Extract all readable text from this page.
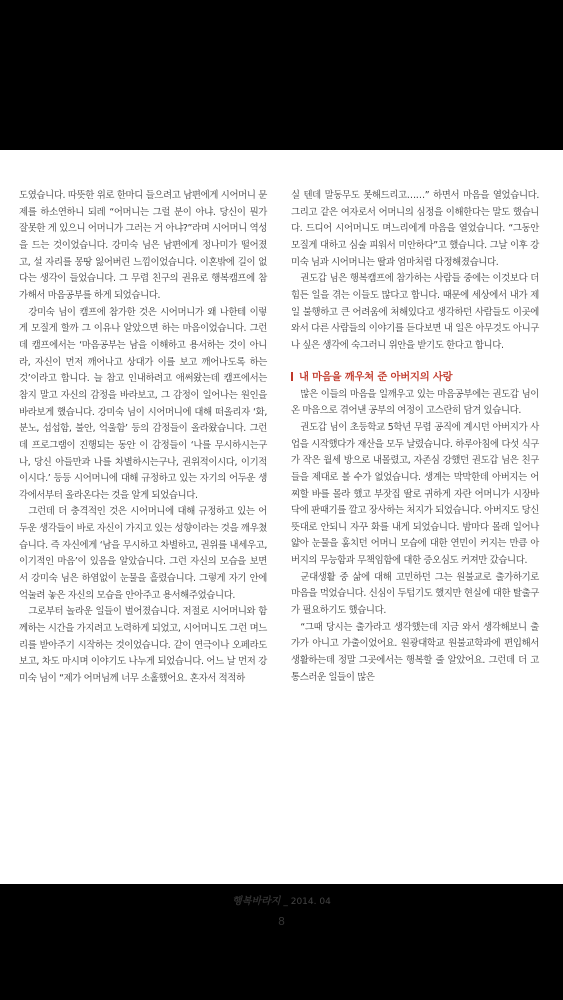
도였습니다. 따뜻한 위로 한마디 들으려고 남편에게 시어머니 문제를 하소연하니 되레 “어머니는 그럴 분이 아냐. 당신이 뭔가 잘못한 게 있으니 어머니가 그러는 거 아냐?”라며 시어머니 역성을 드는 것이었습니다. 강미숙 님은 남편에게 정나미가 떨어졌고, 설 자리를 몽땅 잃어버린 느낌이었습니다. 이혼밖에 길이 없다는 생각이 들었습니다. 그 무렵 친구의 권유로 행복캠프에 참가해서 마음공부를 하게 되었습니다.

강미숙 님이 캠프에 참가한 것은 시어머니가 왜 나한테 이렇게 모질게 할까 그 이유나 알았으면 하는 마음이었습니다. 그런데 캠프에서는 ‘마음공부는 남을 이해하고 용서하는 것이 아니라, 자신이 먼저 깨어나고 상대가 이를 보고 깨어나도록 하는 것’이라고 합니다. 늘 참고 인내하려고 애써왔는데 캠프에서는 참지 말고 자신의 감정을 바라보고, 그 감정이 일어나는 원인을 바라보게 했습니다. 강미숙 님이 시어머니에 대해 떠올리자 ‘화, 분노, 섭섭함, 불안, 억울함’ 등의 감정들이 올라왔습니다. 그런데 프로그램이 진행되는 동안 이 감정들이 ‘나를 무시하시는구나, 당신 아들만과 나를 차별하시는구나, 권위적이시다, 이기적이시다.’ 등등 시어머니에 대해 규정하고 있는 자기의 어두운 생각에서부터 올라온다는 것을 알게 되었습니다.

그런데 더 충격적인 것은 시어머니에 대해 규정하고 있는 어두운 생각들이 바로 자신이 가지고 있는 성향이라는 것을 깨우쳤습니다. 즉 자신에게 ‘남을 무시하고 차별하고, 권위를 내세우고, 이기적인 마음’이 있음을 알았습니다. 그런 자신의 모습을 보면서 강미숙 님은 하염없이 눈물을 흘렸습니다. 그렇게 자기 안에 억눌려 놓은 자신의 모습을 안아주고 용서해주었습니다.

그로부터 놀라운 일들이 벌어졌습니다. 저절로 시어머니와 함께하는 시간을 가지려고 노력하게 되었고, 시어머니도 그런 며느리를 받아주기 시작하는 것이었습니다. 같이 연극이나 오페라도 보고, 차도 마시며 이야기도 나누게 되었습니다. 어느 날 먼저 강미숙 님이 “제가 어머님께 너무 소홀했어요. 혼자서 적적하

실 텐데 말동무도 못해드리고……” 하면서 마음을 열었습니다. 그리고 같은 여자로서 어머니의 심정을 이해한다는 말도 했습니다. 드디어 시어머니도 며느리에게 마음을 열었습니다. “그동안 모질게 대하고 심술 피워서 미안하다”고 했습니다. 그날 이후 강미숙 님과 시어머니는 딸과 엄마처럼 다정해졌습니다.

권도갑 님은 행복캠프에 참가하는 사람들 중에는 이것보다 더 힘든 일을 겪는 이들도 많다고 합니다. 때문에 세상에서 내가 제일 불행하고 큰 어려움에 처해있다고 생각하던 사람들도 이곳에 와서 다른 사람들의 이야기를 듣다보면 내 일은 아무것도 아니구나 싶은 생각에 숙그러니 위안을 받기도 한다고 합니다.

내 마음을 깨우쳐 준 아버지의 사랑

많은 이들의 마음을 일깨우고 있는 마음공부에는 권도갑 님이 온 마음으로 겪어낸 공부의 여정이 고스란히 담겨 있습니다.

권도갑 님이 초등학교 5학년 무렵 공직에 계시던 아버지가 사업을 시작했다가 재산을 모두 날렸습니다. 하루아침에 다섯 식구가 작은 월세 방으로 내몰렸고, 자존심 강했던 권도갑 님은 친구들을 제대로 볼 수가 없었습니다. 생계는 막막한데 아버지는 어찌할 바를 몰라 했고 부잣집 딸로 귀하게 자란 어머니가 시장바닥에 판때기를 깔고 장사하는 처지가 되었습니다. 아버지도 당신 뜻대로 안되니 자꾸 화를 내게 되었습니다. 밤마다 몰래 일어나 얇아 눈물을 훔치던 어머니 모습에 대한 연민이 커지는 만큼 아버지의 무능함과 무책임함에 대한 증오심도 커져만 갔습니다.

군대생활 중 삶에 대해 고민하던 그는 원불교로 출가하기로 마음을 먹었습니다. 신심이 두텁기도 했지만 현실에 대한 탈출구가 필요하기도 했습니다.

“그때 당시는 출가라고 생각했는데 지금 와서 생각해보니 출가가 아니고 가출이었어요. 원광대학교 원불교학과에 편입해서 생활하는데 정말 그곳에서는 행복할 줄 알았어요. 그런데 더 고통스러운 일들이 많은

행복바라지 _ 2014. 04
8
